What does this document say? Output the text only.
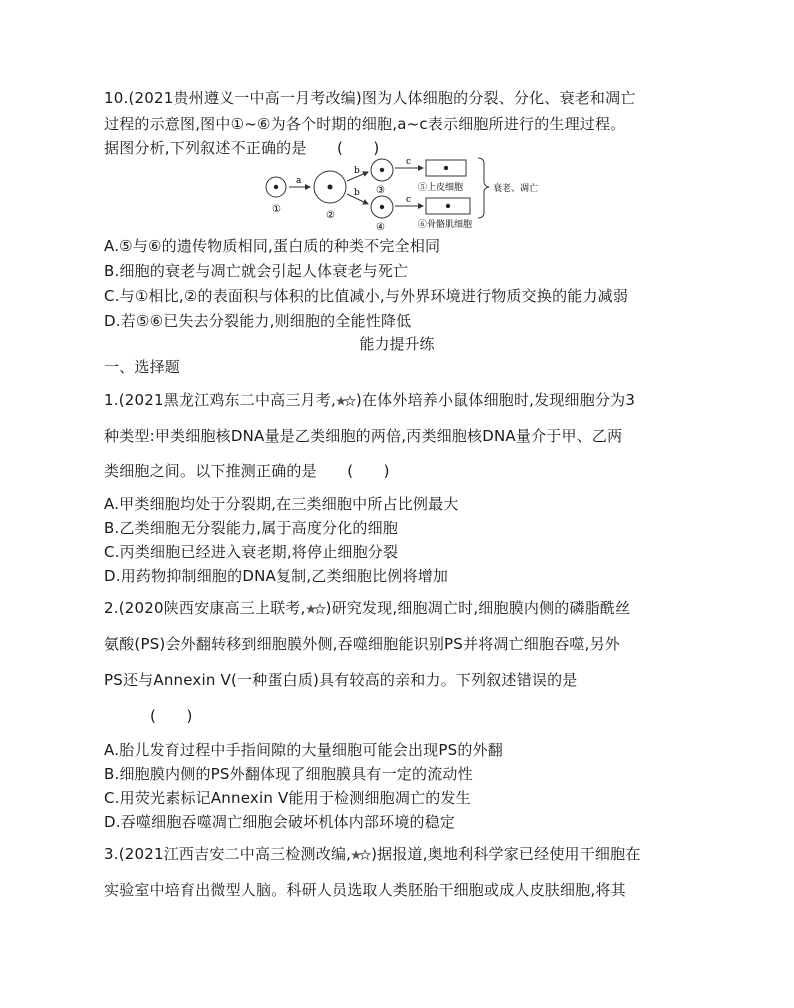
10.(2021贵州遵义一中高一月考改编)图为人体细胞的分裂、分化、衰老和凋亡
过程的示意图,图中①~⑥为各个时期的细胞,a~c表示细胞所进行的生理过程。
据图分析,下列叙述不正确的是　　(　　)
①
a
②
b
b ③
④
c
c
⑤上皮细胞
⑥骨骼肌细胞
衰老、凋亡
A.⑤与⑥的遗传物质相同,蛋白质的种类不完全相同
B.细胞的衰老与凋亡就会引起人体衰老与死亡
C.与①相比,②的表面积与体积的比值减小,与外界环境进行物质交换的能力减弱
D.若⑤⑥已失去分裂能力,则细胞的全能性降低
能力提升练
一、选择题
1.(2021黑龙江鸡东二中高三月考, )在体外培养小鼠体细胞时,发现细胞分为3
种类型:甲类细胞核DNA量是乙类细胞的两倍,丙类细胞核DNA量介于甲、乙两
类细胞之间。以下推测正确的是　　(　　)
A.甲类细胞均处于分裂期,在三类细胞中所占比例最大
B.乙类细胞无分裂能力,属于高度分化的细胞
C.丙类细胞已经进入衰老期,将停止细胞分裂
D.用药物抑制细胞的DNA复制,乙类细胞比例将增加
2.(2020陕西安康高三上联考, )研究发现,细胞凋亡时,细胞膜内侧的磷脂酰丝
氨酸(PS)会外翻转移到细胞膜外侧,吞噬细胞能识别PS并将凋亡细胞吞噬,另外
PS还与Annexin V(一种蛋白质)具有较高的亲和力。下列叙述错误的是
(　　)
A.胎儿发育过程中手指间隙的大量细胞可能会出现PS的外翻
B.细胞膜内侧的PS外翻体现了细胞膜具有一定的流动性
C.用荧光素标记Annexin V能用于检测细胞凋亡的发生
D.吞噬细胞吞噬凋亡细胞会破坏机体内部环境的稳定
3.(2021江西吉安二中高三检测改编, )据报道,奥地利科学家已经使用干细胞在
实验室中培育出微型人脑。科研人员选取人类胚胎干细胞或成人皮肤细胞,将其
